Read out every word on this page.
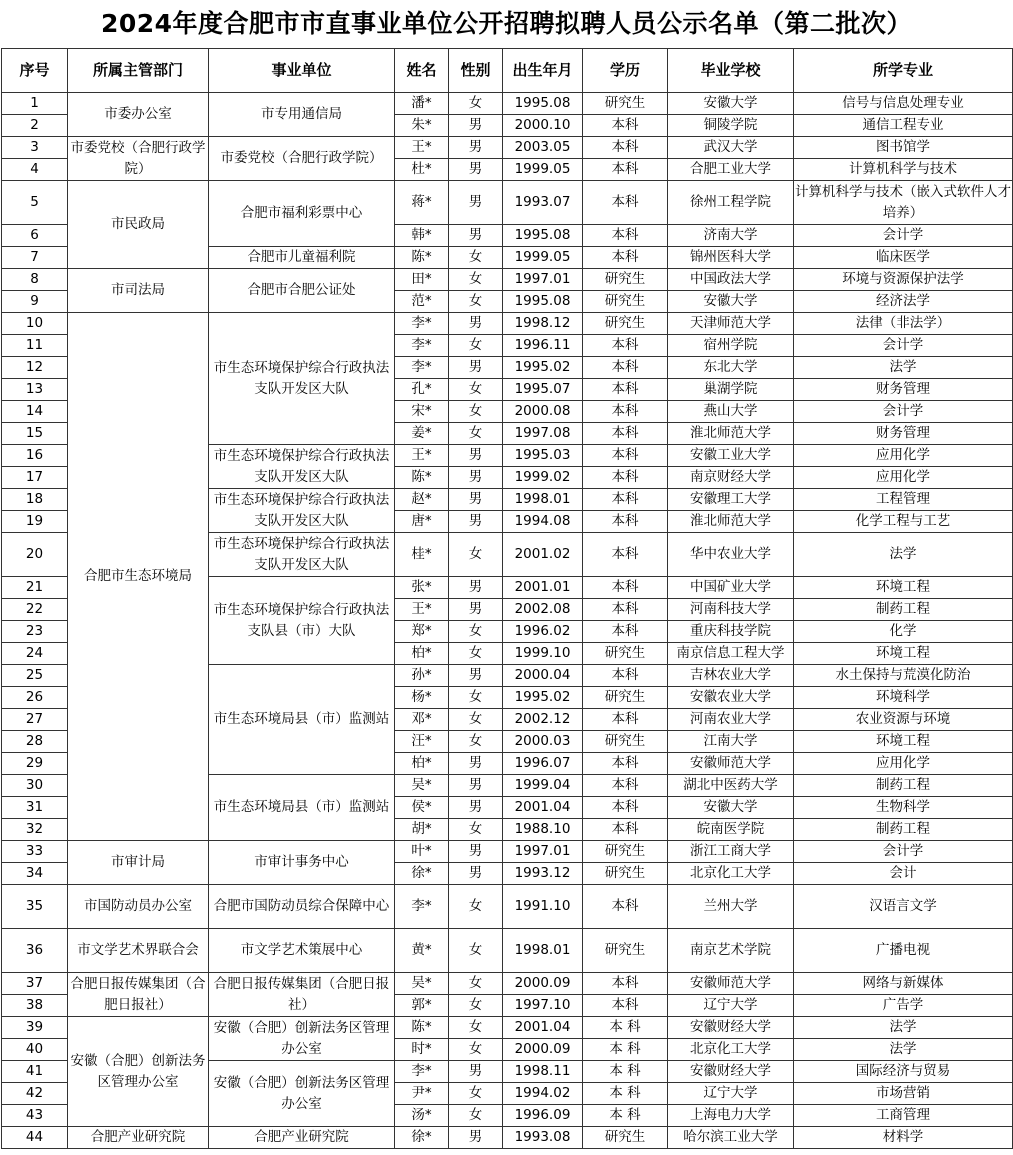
2024年度合肥市市直事业单位公开招聘拟聘人员公示名单（第二批次）
序号	所属主管部门	事业单位	姓名	性别	出生年月	学历	毕业学校	所学专业
1	市委办公室	市专用通信局	潘*	女	1995.08	研究生	安徽大学	信号与信息处理专业
2			朱*	男	2000.10	本科	铜陵学院	通信工程专业
3	市委党校（合肥行政学院）	市委党校（合肥行政学院）	王*	男	2003.05	本科	武汉大学	图书馆学
4			杜*	男	1999.05	本科	合肥工业大学	计算机科学与技术
5	市民政局	合肥市福利彩票中心	蒋*	男	1993.07	本科	徐州工程学院	计算机科学与技术（嵌入式软件人才培养）
6			韩*	男	1995.08	本科	济南大学	会计学
7		合肥市儿童福利院	陈*	女	1999.05	本科	锦州医科大学	临床医学
8	市司法局	合肥市合肥公证处	田*	女	1997.01	研究生	中国政法大学	环境与资源保护法学
9			范*	女	1995.08	研究生	安徽大学	经济法学
10	合肥市生态环境局	市生态环境保护综合行政执法支队开发区大队	李*	男	1998.12	研究生	天津师范大学	法律（非法学）
11			李*	女	1996.11	本科	宿州学院	会计学
12			李*	男	1995.02	本科	东北大学	法学
13			孔*	女	1995.07	本科	巢湖学院	财务管理
14			宋*	女	2000.08	本科	燕山大学	会计学
15			姜*	女	1997.08	本科	淮北师范大学	财务管理
16		市生态环境保护综合行政执法支队开发区大队	王*	男	1995.03	本科	安徽工业大学	应用化学
17			陈*	男	1999.02	本科	南京财经大学	应用化学
18		市生态环境保护综合行政执法支队开发区大队	赵*	男	1998.01	本科	安徽理工大学	工程管理
19			唐*	男	1994.08	本科	淮北师范大学	化学工程与工艺
20		市生态环境保护综合行政执法支队开发区大队	桂*	女	2001.02	本科	华中农业大学	法学
21		市生态环境保护综合行政执法支队县（市）大队	张*	男	2001.01	本科	中国矿业大学	环境工程
22			王*	男	2002.08	本科	河南科技大学	制药工程
23			郑*	女	1996.02	本科	重庆科技学院	化学
24			柏*	女	1999.10	研究生	南京信息工程大学	环境工程
25		市生态环境局县（市）监测站	孙*	男	2000.04	本科	吉林农业大学	水土保持与荒漠化防治
26			杨*	女	1995.02	研究生	安徽农业大学	环境科学
27			邓*	女	2002.12	本科	河南农业大学	农业资源与环境
28			汪*	女	2000.03	研究生	江南大学	环境工程
29			柏*	男	1996.07	本科	安徽师范大学	应用化学
30		市生态环境局县（市）监测站	吴*	男	1999.04	本科	湖北中医药大学	制药工程
31			侯*	男	2001.04	本科	安徽大学	生物科学
32			胡*	女	1988.10	本科	皖南医学院	制药工程
33	市审计局	市审计事务中心	叶*	男	1997.01	研究生	浙江工商大学	会计学
34			徐*	男	1993.12	研究生	北京化工大学	会计
35	市国防动员办公室	合肥市国防动员综合保障中心	李*	女	1991.10	本科	兰州大学	汉语言文学
36	市文学艺术界联合会	市文学艺术策展中心	黄*	女	1998.01	研究生	南京艺术学院	广播电视
37	合肥日报传媒集团（合肥日报社）	合肥日报传媒集团（合肥日报社）	吴*	女	2000.09	本科	安徽师范大学	网络与新媒体
38			郭*	女	1997.10	本科	辽宁大学	广告学
39	安徽（合肥）创新法务区管理办公室	安徽（合肥）创新法务区管理办公室	陈*	女	2001.04	本 科	安徽财经大学	法学
40			时*	女	2000.09	本 科	北京化工大学	法学
41		安徽（合肥）创新法务区管理办公室	李*	男	1998.11	本 科	安徽财经大学	国际经济与贸易
42			尹*	女	1994.02	本 科	辽宁大学	市场营销
43			汤*	女	1996.09	本 科	上海电力大学	工商管理
44	合肥产业研究院	合肥产业研究院	徐*	男	1993.08	研究生	哈尔滨工业大学	材料学
